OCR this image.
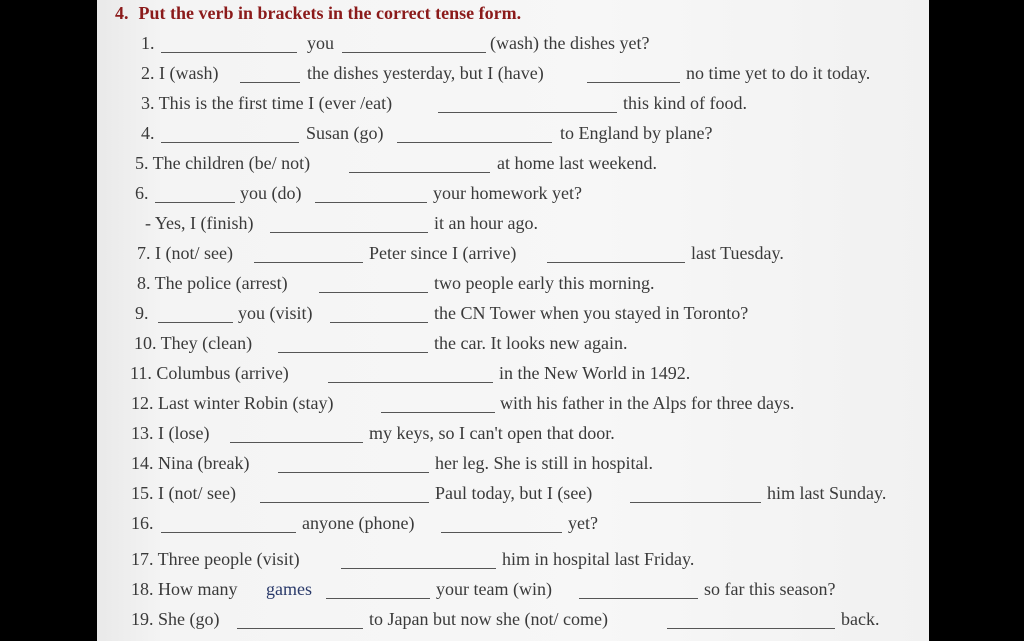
4. Put the verb in brackets in the correct tense form.
1.	you	(wash) the dishes yet?
2. I (wash)	the dishes yesterday, but I (have)	no time yet to do it today.
3. This is the first time I (ever /eat)	this kind of food.
4.	Susan (go)	to England by plane?
5. The children (be/ not)	at home last weekend.
6.	you (do)	your homework yet?
- Yes, I (finish)	it an hour ago.
7. I (not/ see)	Peter since I (arrive)	last Tuesday.
8. The police (arrest)	two people early this morning.
9.	you (visit)	the CN Tower when you stayed in Toronto?
10. They (clean)	the car. It looks new again.
11. Columbus (arrive)	in the New World in 1492.
12. Last winter Robin (stay)	with his father in the Alps for three days.
13. I (lose)	my keys, so I can't open that door.
14. Nina (break)	her leg. She is still in hospital.
15. I (not/ see)	Paul today, but I (see)	him last Sunday.
16.	anyone (phone)	yet?
17. Three people (visit)	him in hospital last Friday.
18. How many games	your team (win)	so far this season?
19. She (go)	to Japan but now she (not/ come)	back.
